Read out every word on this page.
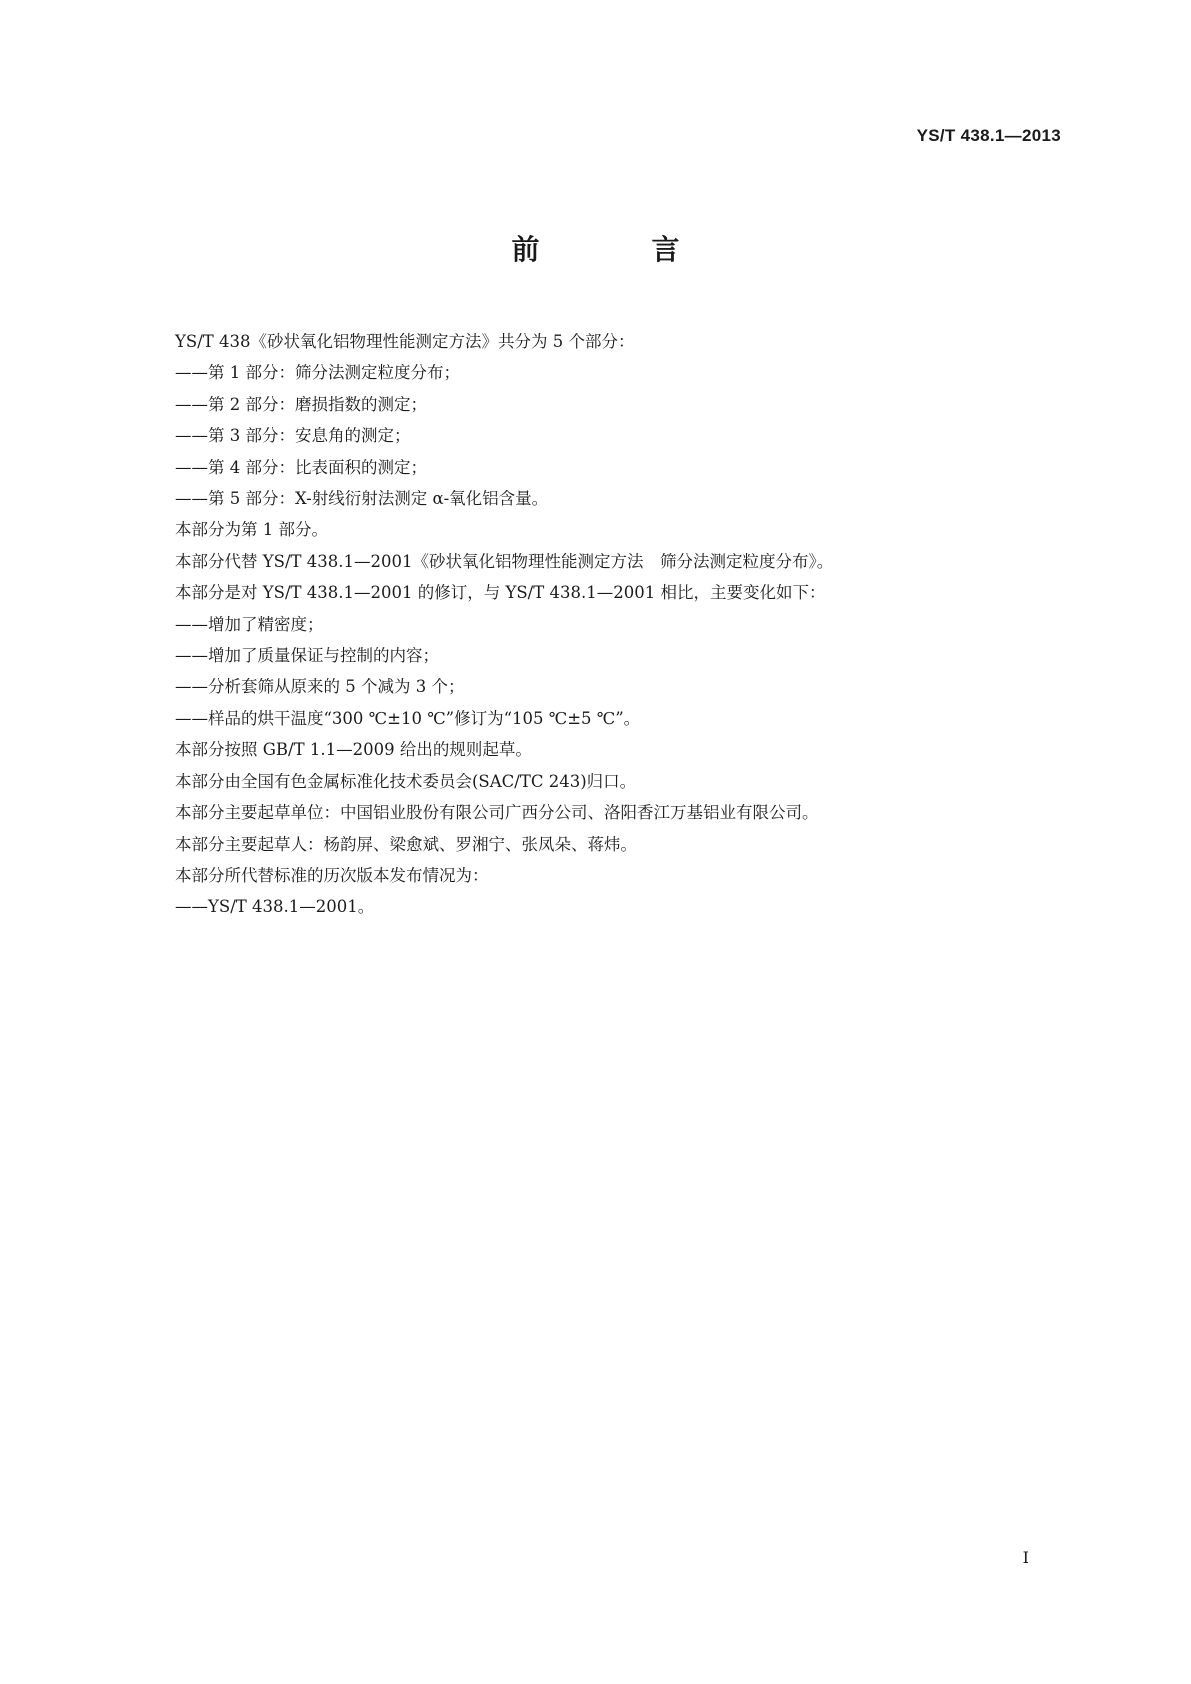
YS/T 438.1—2013
前　言
YS/T 438《砂状氧化铝物理性能测定方法》共分为 5 个部分：
——第 1 部分：筛分法测定粒度分布；
——第 2 部分：磨损指数的测定；
——第 3 部分：安息角的测定；
——第 4 部分：比表面积的测定；
——第 5 部分：X-射线衍射法测定 α-氧化铝含量。
本部分为第 1 部分。
本部分代替 YS/T 438.1—2001《砂状氧化铝物理性能测定方法　筛分法测定粒度分布》。
本部分是对 YS/T 438.1—2001 的修订，与 YS/T 438.1—2001 相比，主要变化如下：
——增加了精密度；
——增加了质量保证与控制的内容；
——分析套筛从原来的 5 个减为 3 个；
——样品的烘干温度“300 ℃±10 ℃”修订为“105 ℃±5 ℃”。
本部分按照 GB/T 1.1—2009 给出的规则起草。
本部分由全国有色金属标准化技术委员会(SAC/TC 243)归口。
本部分主要起草单位：中国铝业股份有限公司广西分公司、洛阳香江万基铝业有限公司。
本部分主要起草人：杨韵屏、梁愈斌、罗湘宁、张凤朵、蒋炜。
本部分所代替标准的历次版本发布情况为：
——YS/T 438.1—2001。
I
